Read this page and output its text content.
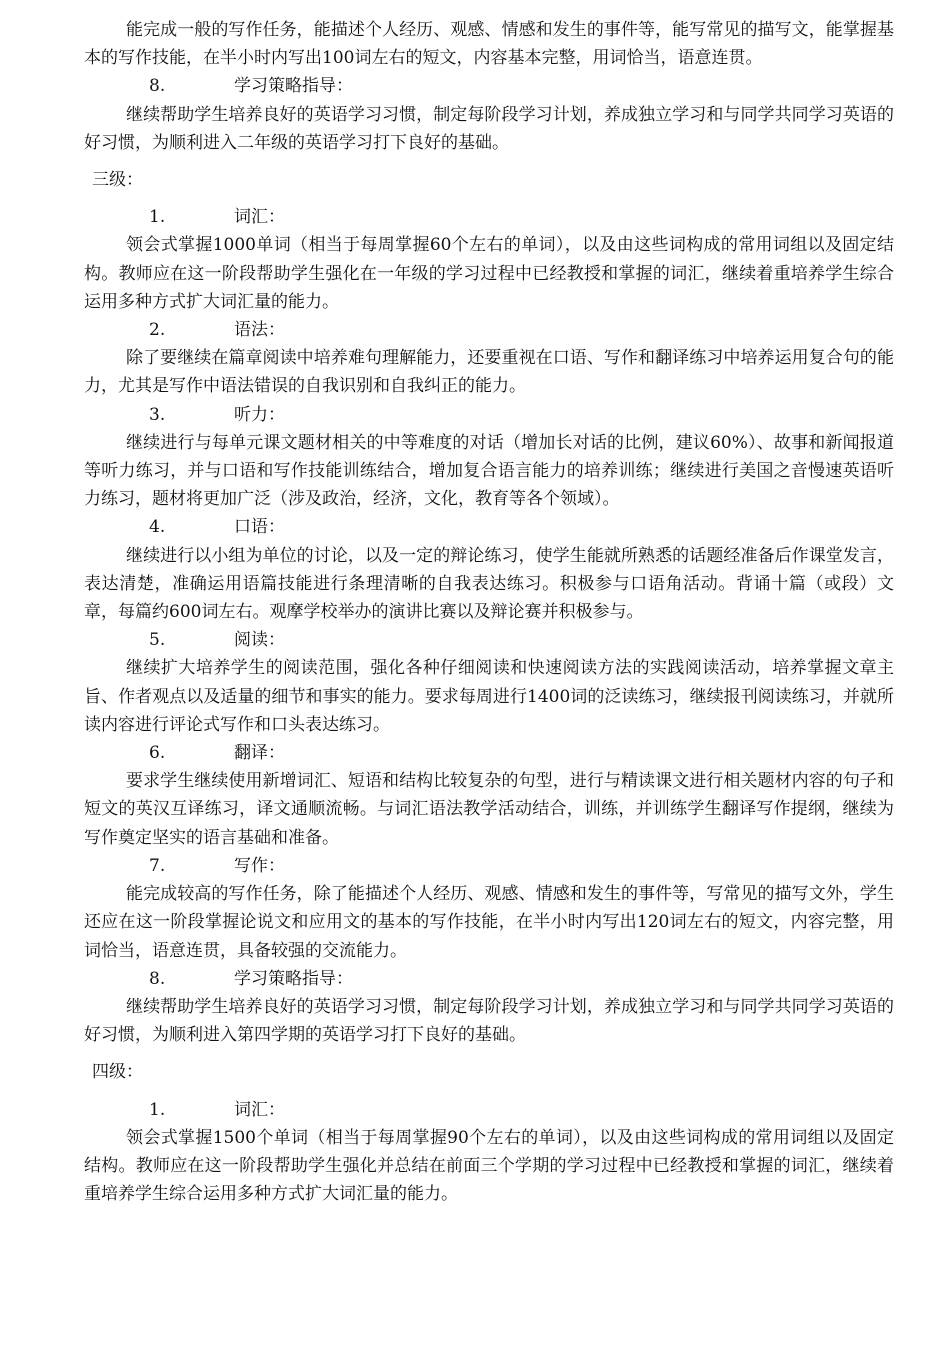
能完成一般的写作任务，能描述个人经历、观感、情感和发生的事件等，能写常见的描写文，能掌握基本的写作技能，在半小时内写出100词左右的短文，内容基本完整，用词恰当，语意连贯。

8.	学习策略指导：

继续帮助学生培养良好的英语学习习惯，制定每阶段学习计划，养成独立学习和与同学共同学习英语的好习惯，为顺利进入二年级的英语学习打下良好的基础。

三级：
1.	词汇：

领会式掌握1000单词（相当于每周掌握60个左右的单词），以及由这些词构成的常用词组以及固定结构。教师应在这一阶段帮助学生强化在一年级的学习过程中已经教授和掌握的词汇，继续着重培养学生综合运用多种方式扩大词汇量的能力。

2.	语法：

除了要继续在篇章阅读中培养难句理解能力，还要重视在口语、写作和翻译练习中培养运用复合句的能力，尤其是写作中语法错误的自我识别和自我纠正的能力。

3.	听力：

继续进行与每单元课文题材相关的中等难度的对话（增加长对话的比例，建议60%）、故事和新闻报道等听力练习，并与口语和写作技能训练结合，增加复合语言能力的培养训练；继续进行美国之音慢速英语听力练习，题材将更加广泛（涉及政治，经济，文化，教育等各个领域）。

4.	口语：

继续进行以小组为单位的讨论，以及一定的辩论练习，使学生能就所熟悉的话题经准备后作课堂发言，表达清楚，准确运用语篇技能进行条理清晰的自我表达练习。积极参与口语角活动。背诵十篇（或段）文章，每篇约600词左右。观摩学校举办的演讲比赛以及辩论赛并积极参与。

5.	阅读：

继续扩大培养学生的阅读范围，强化各种仔细阅读和快速阅读方法的实践阅读活动，培养掌握文章主旨、作者观点以及适量的细节和事实的能力。要求每周进行1400词的泛读练习，继续报刊阅读练习，并就所读内容进行评论式写作和口头表达练习。

6.	翻译：

要求学生继续使用新增词汇、短语和结构比较复杂的句型，进行与精读课文进行相关题材内容的句子和短文的英汉互译练习，译文通顺流畅。与词汇语法教学活动结合，训练，并训练学生翻译写作提纲，继续为写作奠定坚实的语言基础和准备。

7.	写作：

能完成较高的写作任务，除了能描述个人经历、观感、情感和发生的事件等，写常见的描写文外，学生还应在这一阶段掌握论说文和应用文的基本的写作技能，在半小时内写出120词左右的短文，内容完整，用词恰当，语意连贯，具备较强的交流能力。

8.	学习策略指导：

继续帮助学生培养良好的英语学习习惯，制定每阶段学习计划，养成独立学习和与同学共同学习英语的好习惯，为顺利进入第四学期的英语学习打下良好的基础。

四级：
1.	词汇：

领会式掌握1500个单词（相当于每周掌握90个左右的单词），以及由这些词构成的常用词组以及固定结构。教师应在这一阶段帮助学生强化并总结在前面三个学期的学习过程中已经教授和掌握的词汇，继续着重培养学生综合运用多种方式扩大词汇量的能力。
